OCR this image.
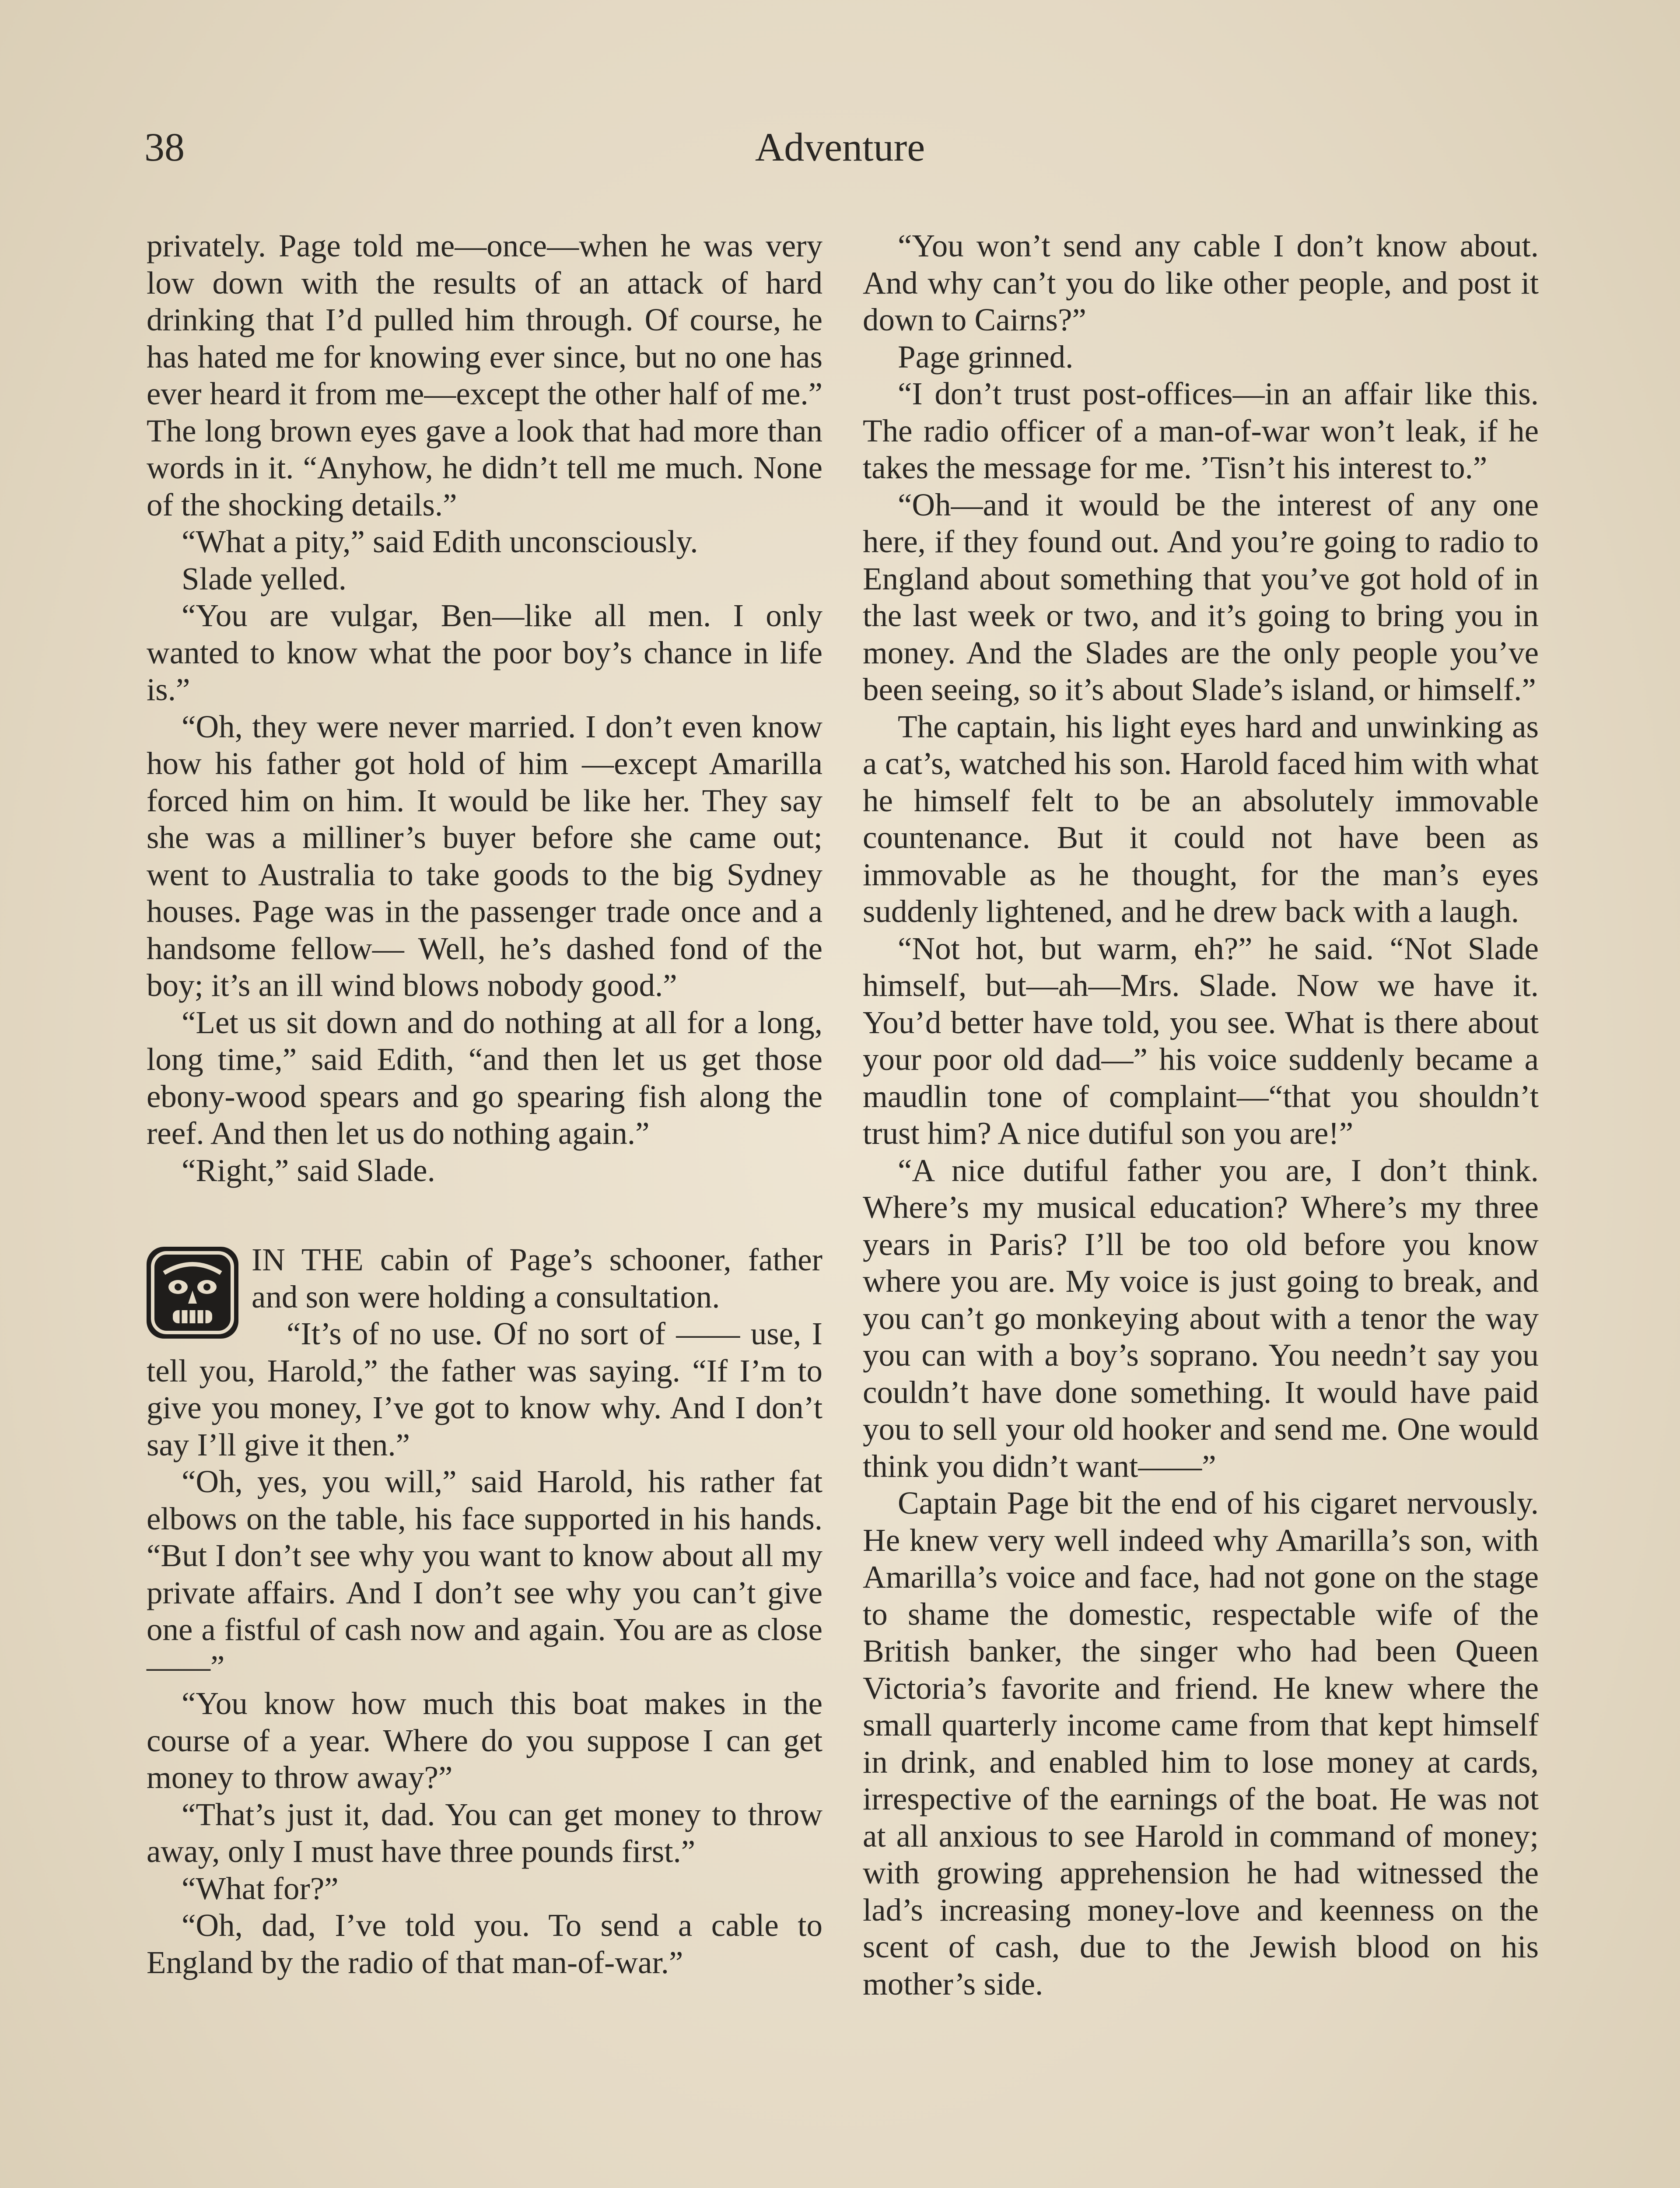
38	Adventure

privately. Page told me—once—when he was very low down with the results of an attack of hard drinking that I’d pulled him through. Of course, he has hated me for knowing ever since, but no one has ever heard it from me—except the other half of me.” The long brown eyes gave a look that had more than words in it. “Anyhow, he didn’t tell me much. None of the shocking details.”

“What a pity,” said Edith unconsciously.

Slade yelled.

“You are vulgar, Ben—like all men. I only wanted to know what the poor boy’s chance in life is.”

“Oh, they were never married. I don’t even know how his father got hold of him —except Amarilla forced him on him. It would be like her. They say she was a milliner’s buyer before she came out; went to Australia to take goods to the big Sydney houses. Page was in the passenger trade once and a handsome fellow— Well, he’s dashed fond of the boy; it’s an ill wind blows nobody good.”

“Let us sit down and do nothing at all for a long, long time,” said Edith, “and then let us get those ebony-wood spears and go spearing fish along the reef. And then let us do nothing again.”

“Right,” said Slade.

IN THE cabin of Page’s schooner, father and son were holding a consultation.

“It’s of no use. Of no sort of —— use, I tell you, Harold,” the father was saying. “If I’m to give you money, I’ve got to know why. And I don’t say I’ll give it then.”

“Oh, yes, you will,” said Harold, his rather fat elbows on the table, his face supported in his hands. “But I don’t see why you want to know about all my private affairs. And I don’t see why you can’t give one a fistful of cash now and again. You are as close——”

“You know how much this boat makes in the course of a year. Where do you suppose I can get money to throw away?”

“That’s just it, dad. You can get money to throw away, only I must have three pounds first.”

“What for?”

“Oh, dad, I’ve told you. To send a cable to England by the radio of that man-of-war.”

“You won’t send any cable I don’t know about. And why can’t you do like other people, and post it down to Cairns?”

Page grinned.

“I don’t trust post-offices—in an affair like this. The radio officer of a man-of-war won’t leak, if he takes the message for me. ’Tisn’t his interest to.”

“Oh—and it would be the interest of any one here, if they found out. And you’re going to radio to England about something that you’ve got hold of in the last week or two, and it’s going to bring you in money. And the Slades are the only people you’ve been seeing, so it’s about Slade’s island, or himself.”

The captain, his light eyes hard and unwinking as a cat’s, watched his son. Harold faced him with what he himself felt to be an absolutely immovable countenance. But it could not have been as immovable as he thought, for the man’s eyes suddenly lightened, and he drew back with a laugh.

“Not hot, but warm, eh?” he said. “Not Slade himself, but—ah—Mrs. Slade. Now we have it. You’d better have told, you see. What is there about your poor old dad—” his voice suddenly became a maudlin tone of complaint—“that you shouldn’t trust him? A nice dutiful son you are!”

“A nice dutiful father you are, I don’t think. Where’s my musical education? Where’s my three years in Paris? I’ll be too old before you know where you are. My voice is just going to break, and you can’t go monkeying about with a tenor the way you can with a boy’s soprano. You needn’t say you couldn’t have done something. It would have paid you to sell your old hooker and send me. One would think you didn’t want——”

Captain Page bit the end of his cigaret nervously. He knew very well indeed why Amarilla’s son, with Amarilla’s voice and face, had not gone on the stage to shame the domestic, respectable wife of the British banker, the singer who had been Queen Victoria’s favorite and friend. He knew where the small quarterly income came from that kept himself in drink, and enabled him to lose money at cards, irrespective of the earnings of the boat. He was not at all anxious to see Harold in command of money; with growing apprehension he had witnessed the lad’s increasing money-love and keenness on the scent of cash, due to the Jewish blood on his mother’s side.
